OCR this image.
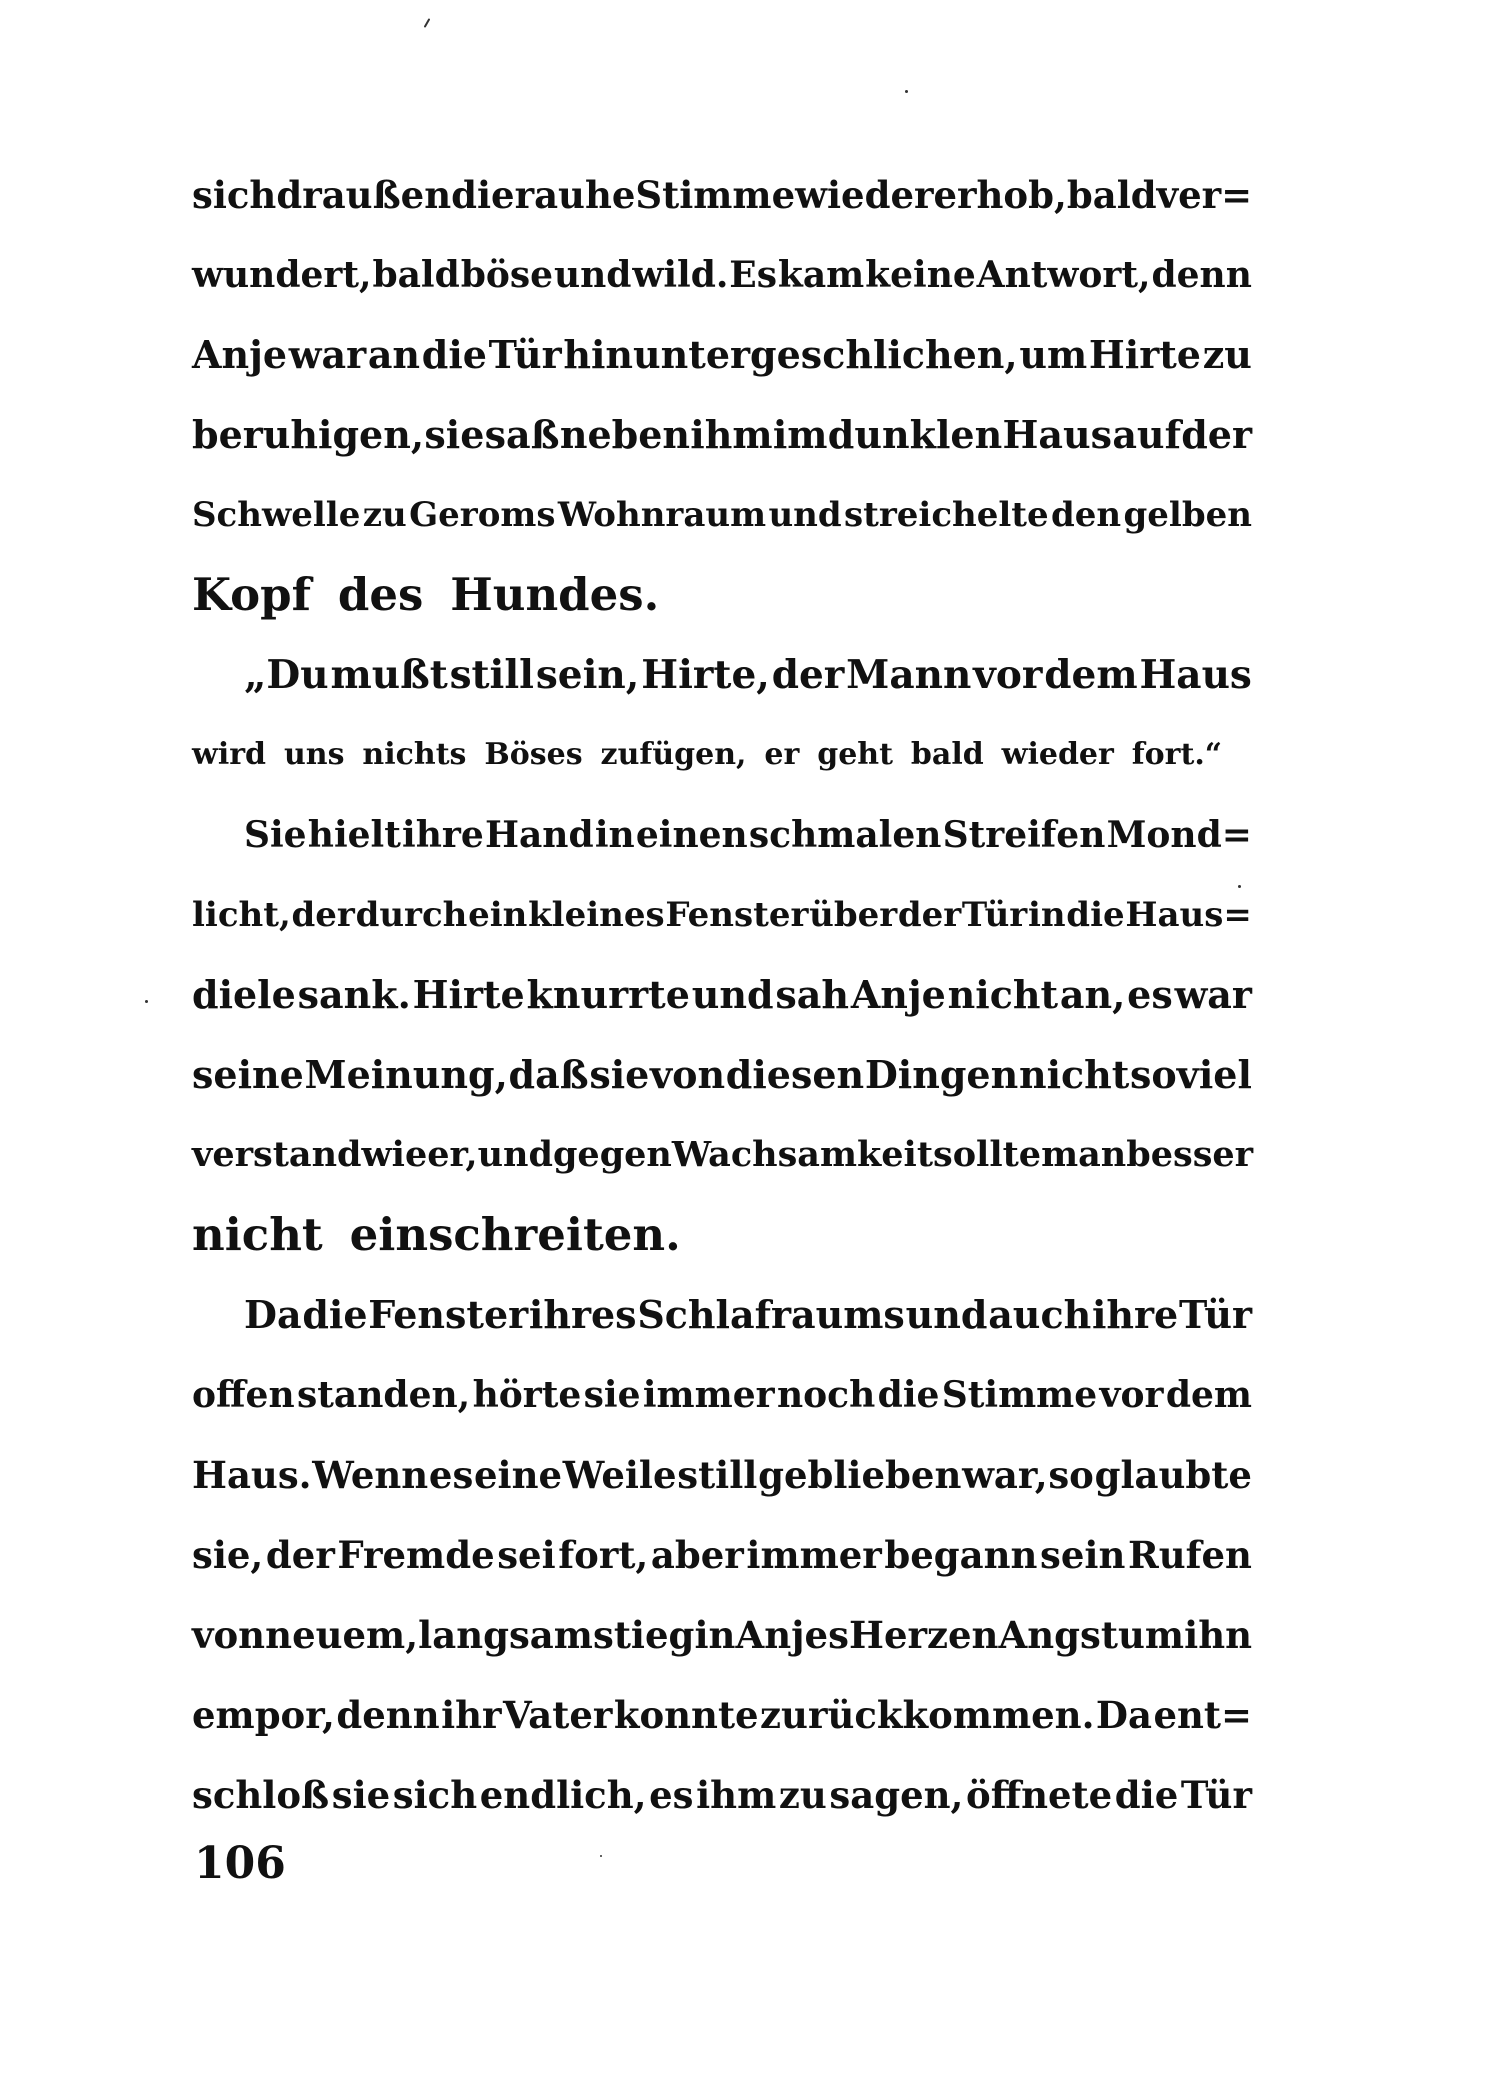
sich draußen die rauhe Stimme wieder erhob, bald ver=
wundert, bald böse und wild. Es kam keine Antwort, denn
Anje war an die Tür hinuntergeschlichen, um Hirte zu
beruhigen, sie saß neben ihm im dunklen Haus auf der
Schwelle zu Geroms Wohnraum und streichelte den gelben
Kopf des Hundes.
„Du mußt still sein, Hirte, der Mann vor dem Haus
wird uns nichts Böses zufügen, er geht bald wieder fort.“
Sie hielt ihre Hand in einen schmalen Streifen Mond=
licht, der durch ein kleines Fenster über der Tür in die Haus=
diele sank. Hirte knurrte und sah Anje nicht an, es war
seine Meinung, daß sie von diesen Dingen nicht soviel
verstand wie er, und gegen Wachsamkeit sollte man besser
nicht einschreiten.
Da die Fenster ihres Schlafraums und auch ihre Tür
offen standen, hörte sie immer noch die Stimme vor dem
Haus. Wenn es eine Weile still geblieben war, so glaubte
sie, der Fremde sei fort, aber immer begann sein Rufen
von neuem, langsam stieg in Anjes Herzen Angst um ihn
empor, denn ihr Vater konnte zurückkommen. Da ent=
schloß sie sich endlich, es ihm zu sagen, öffnete die Tür
106
